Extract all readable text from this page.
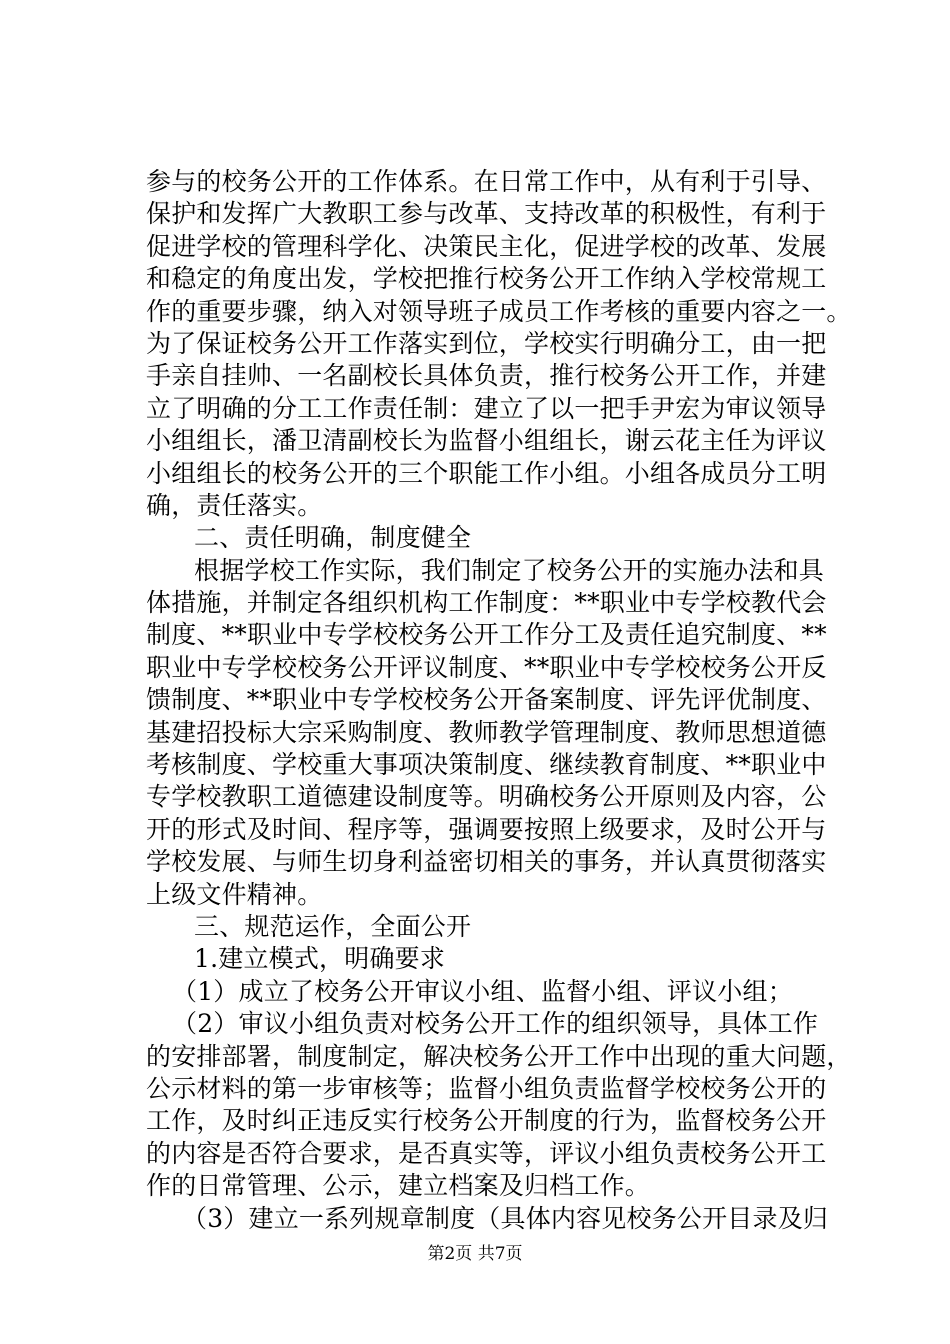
参与的校务公开的工作体系。在日常工作中，从有利于引导、
保护和发挥广大教职工参与改革、支持改革的积极性，有利于
促进学校的管理科学化、决策民主化，促进学校的改革、发展
和稳定的角度出发，学校把推行校务公开工作纳入学校常规工
作的重要步骤，纳入对领导班子成员工作考核的重要内容之一。
为了保证校务公开工作落实到位，学校实行明确分工，由一把
手亲自挂帅、一名副校长具体负责，推行校务公开工作，并建
立了明确的分工工作责任制：建立了以一把手尹宏为审议领导
小组组长，潘卫清副校长为监督小组组长，谢云花主任为评议
小组组长的校务公开的三个职能工作小组。小组各成员分工明
确，责任落实。
二、责任明确，制度健全
根据学校工作实际，我们制定了校务公开的实施办法和具
体措施，并制定各组织机构工作制度：**职业中专学校教代会
制度、**职业中专学校校务公开工作分工及责任追究制度、**
职业中专学校校务公开评议制度、**职业中专学校校务公开反
馈制度、**职业中专学校校务公开备案制度、评先评优制度、
基建招投标大宗采购制度、教师教学管理制度、教师思想道德
考核制度、学校重大事项决策制度、继续教育制度、**职业中
专学校教职工道德建设制度等。明确校务公开原则及内容，公
开的形式及时间、程序等，强调要按照上级要求，及时公开与
学校发展、与师生切身利益密切相关的事务，并认真贯彻落实
上级文件精神。
三、规范运作，全面公开
1.建立模式，明确要求
（1）成立了校务公开审议小组、监督小组、评议小组；
（2）审议小组负责对校务公开工作的组织领导，具体工作
的安排部署，制度制定，解决校务公开工作中出现的重大问题，
公示材料的第一步审核等；监督小组负责监督学校校务公开的
工作，及时纠正违反实行校务公开制度的行为，监督校务公开
的内容是否符合要求，是否真实等，评议小组负责校务公开工
作的日常管理、公示，建立档案及归档工作。
（3）建立一系列规章制度（具体内容见校务公开目录及归
第2页 共7页
